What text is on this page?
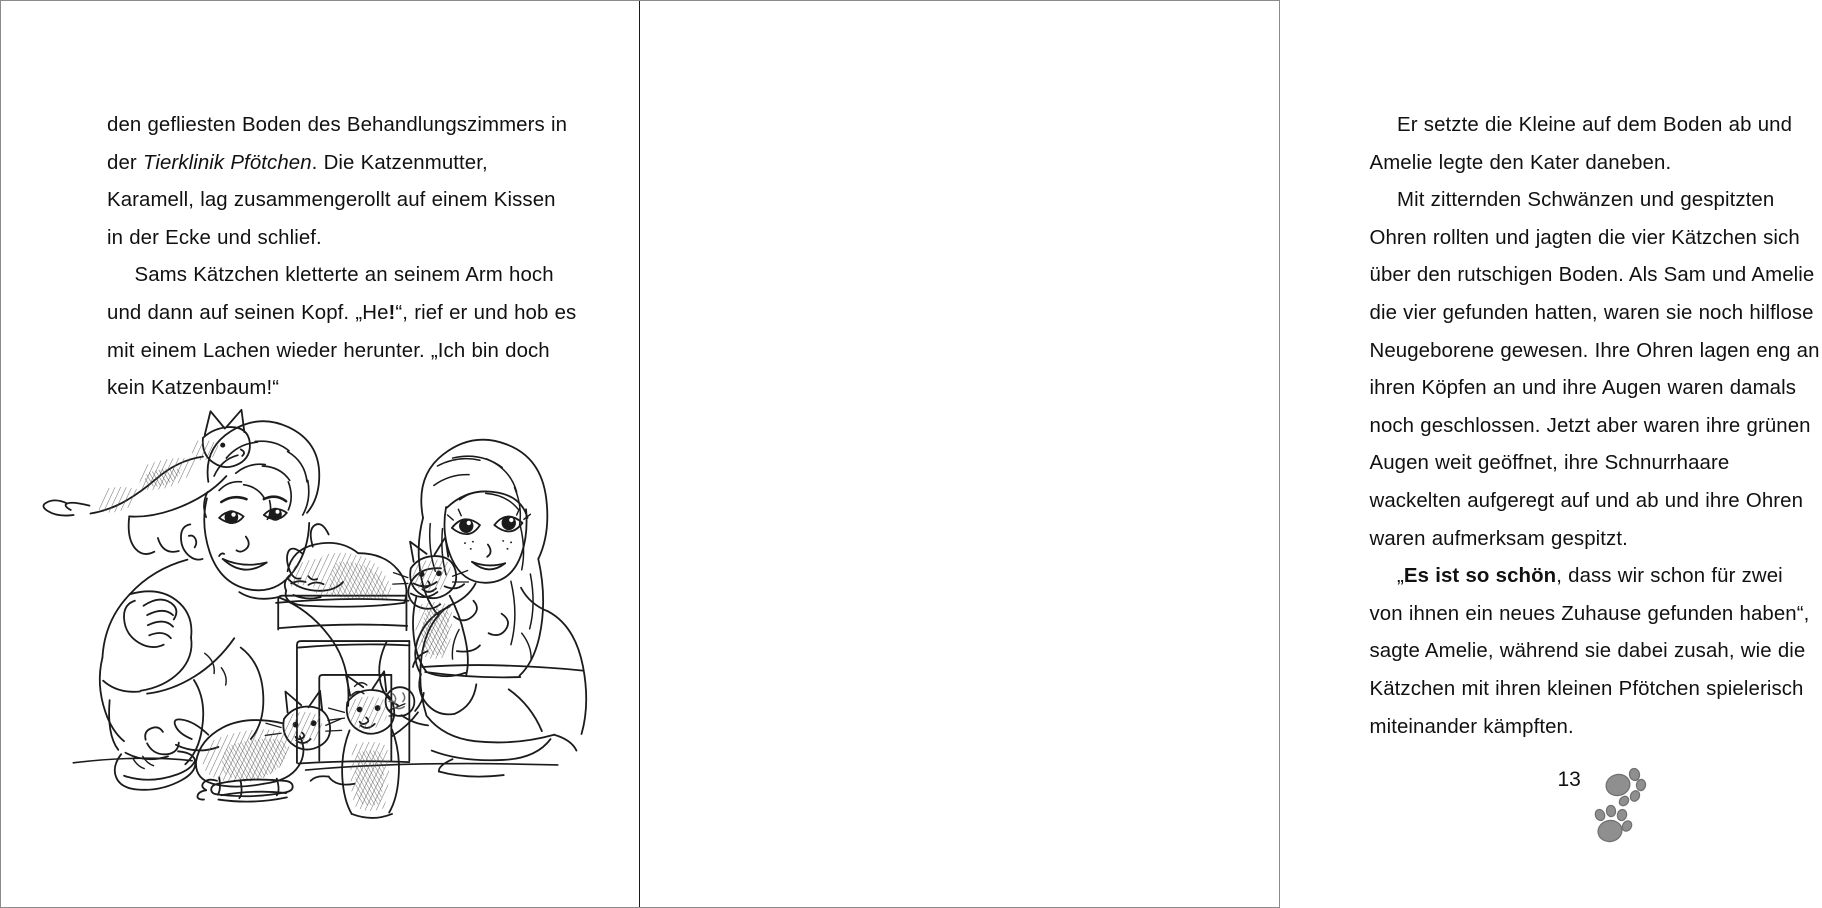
den gefliesten Boden des Behandlungszimmers in der Tierklinik Pfötchen. Die Katzenmutter, Karamell, lag zusammengerollt auf einem Kissen in der Ecke und schlief.

Sams Kätzchen kletterte an seinem Arm hoch und dann auf seinen Kopf. „He!“, rief er und hob es mit einem Lachen wieder herunter. „Ich bin doch kein Katzenbaum!“

Er setzte die Kleine auf dem Boden ab und Amelie legte den Kater daneben.

Mit zitternden Schwänzen und gespitzten Ohren rollten und jagten die vier Kätzchen sich über den rutschigen Boden. Als Sam und Amelie die vier gefunden hatten, waren sie noch hilflose Neugeborene gewesen. Ihre Ohren lagen eng an ihren Köpfen an und ihre Augen waren damals noch geschlossen. Jetzt aber waren ihre grünen Augen weit geöffnet, ihre Schnurrhaare wackelten aufgeregt auf und ab und ihre Ohren waren aufmerksam gespitzt.

„Es ist so schön, dass wir schon für zwei von ihnen ein neues Zuhause gefunden haben“, sagte Amelie, während sie dabei zusah, wie die Kätzchen mit ihren kleinen Pfötchen spielerisch miteinander kämpften.

13
